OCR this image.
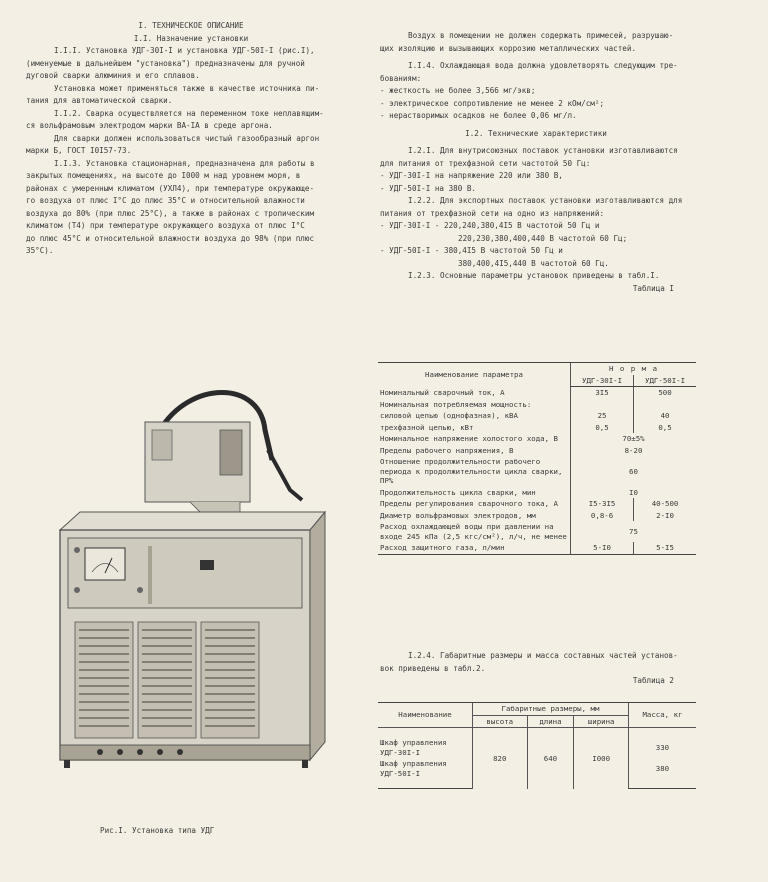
I. ТЕХНИЧЕСКОЕ ОПИСАНИЕ

I.I. Назначение установки

I.I.I. Установка УДГ-30I-I и установка УДГ-50I-I (рис.I),

(именуемые в дальнейшем "установка") предназначены для ручной

дуговой сварки алюминия и его сплавов.

Установка может применяться также в качестве источника пи-

тания для автоматической сварки.

I.I.2. Сварка осуществляется на переменном токе неплавящим-

ся вольфрамовым электродом марки ВА-IА в среде аргона.

Для сварки должен использоваться чистый газообразный аргон

марки Б, ГОСТ I0I57-73.

I.I.3. Установка стационарная, предназначена для работы в

закрытых помещениях, на высоте до I000 м над уровнем моря, в

районах с умеренным климатом (УХЛ4), при температуре окружающе-

го воздуха от плюс I°С до плюс 35°С и относительной влажности

воздуха до 80% (при плюс 25°С), а также в районах с тропическим

климатом (Т4) при температуре окружающего воздуха от плюс I°С

до плюс 45°С и относительной влажности воздуха до 98% (при плюс

35°С).

Рис.I. Установка типа УДГ

Воздух в помещении не должен содержать примесей, разрушаю-

щих изоляцию и вызывающих коррозию металлических частей.

I.I.4. Охлаждающая вода должна удовлетворять следующим тре-

бованиям:

- жесткость не более 3,566 мг/экв;

- электрическое сопротивление не менее 2 кОм/см²;

- нерастворимых осадков не более 0,06 мг/л.

I.2. Технические характеристики

I.2.I. Для внутрисоюзных поставок установки изготавливаются

для питания от трехфазной сети частотой 50 Гц:

- УДГ-30I-I на напряжение 220 или 380 В,

- УДГ-50I-I на 380 В.

I.2.2. Для экспортных поставок установки изготавливаются для

питания от трехфазной сети на одно из напряжений:

- УДГ-30I-I - 220,240,380,4I5 В частотой 50 Гц и

220,230,380,400,440 В частотой 60 Гц;

- УДГ-50I-I - 380,4I5 В частотой 50 Гц и

380,400,4I5,440 В частотой 60 Гц.

I.2.3. Основные параметры установок приведены в табл.I.

Таблица I

Наименование параметра	Н о р м а	
	УДГ-30I-I	УДГ-50I-I
Номинальный сварочный ток, А	3I5	500
Номинальная потребляемая мощность:		
силовой цепью (однофазная), кВА	25	40
трехфазной цепью, кВт	0,5	0,5
Номинальное напряжение холостого хода, В	70±5%	
Пределы рабочего напряжения, В	8-20	
Отношение продолжительности рабочего периода к продолжительности цикла сварки, ПР%	60	
Продолжительность цикла сварки, мин	I0	
Пределы регулирования сварочного тока, А	I5-3I5	40-500
Диаметр вольфрамовых электродов, мм	0,8-6	2-I0
Расход охлаждающей воды при давлении на входе 245 кПа (2,5 кгс/см²), л/ч, не менее	75	
Расход защитного газа, л/мин	5-I0	5-I5

I.2.4. Габаритные размеры и масса составных частей установ-

вок приведены в табл.2.

Таблица 2

Наименование	Габаритные размеры, мм			Масса, кг
	высота	длина	ширина	
Шкаф управления УДГ-30I-I	820	640	I000	330
Шкаф управления УДГ-50I-I				380
